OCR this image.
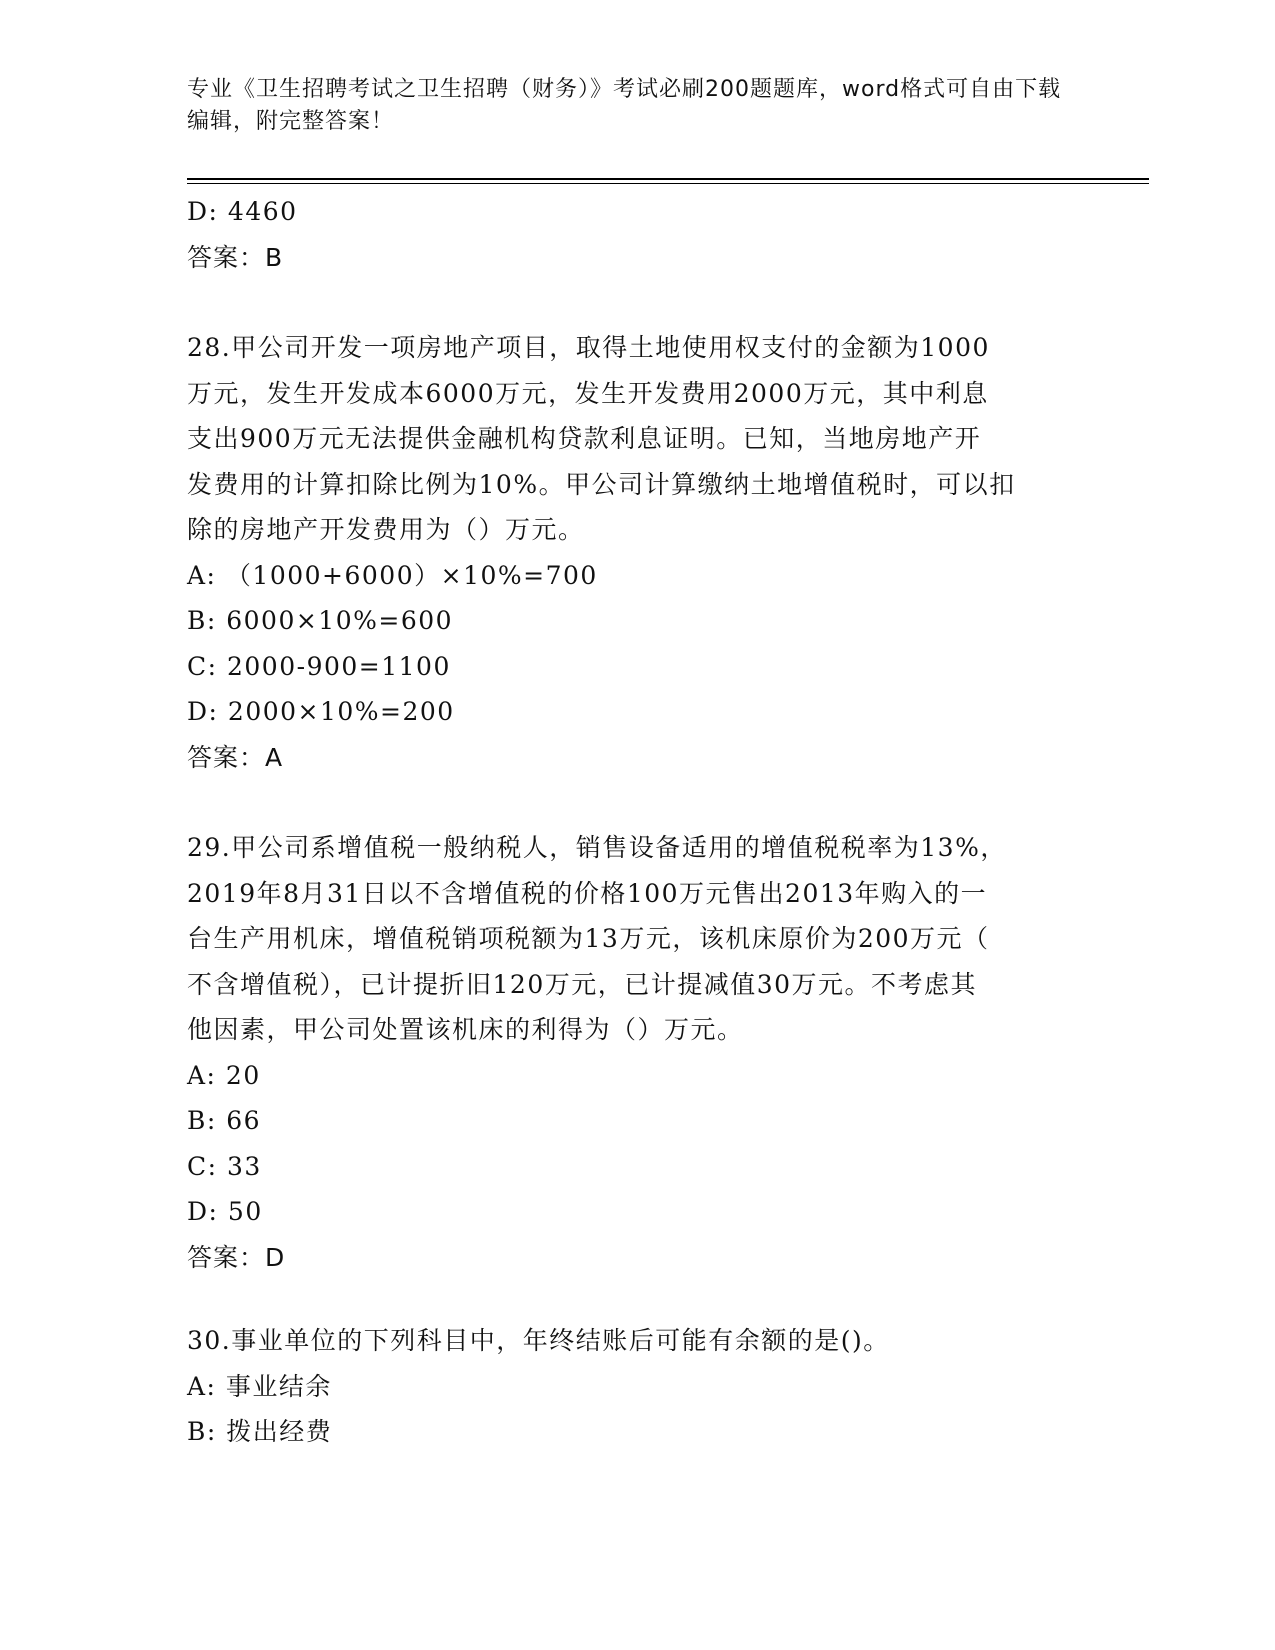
专业《卫生招聘考试之卫生招聘（财务）》考试必刷200题题库，word格式可自由下载编辑，附完整答案！
D: 4460
答案：B
28.甲公司开发一项房地产项目，取得土地使用权支付的金额为1000
万元，发生开发成本6000万元，发生开发费用2000万元，其中利息
支出900万元无法提供金融机构贷款利息证明。已知，当地房地产开
发费用的计算扣除比例为10%。甲公司计算缴纳土地增值税时，可以扣
除的房地产开发费用为（）万元。
A: （1000+6000）×10%=700
B: 6000×10%=600
C: 2000-900=1100
D: 2000×10%=200
答案：A
29.甲公司系增值税一般纳税人，销售设备适用的增值税税率为13%，
2019年8月31日以不含增值税的价格100万元售出2013年购入的一
台生产用机床，增值税销项税额为13万元，该机床原价为200万元（
不含增值税），已计提折旧120万元，已计提减值30万元。不考虑其
他因素，甲公司处置该机床的利得为（）万元。
A: 20
B: 66
C: 33
D: 50
答案：D
30.事业单位的下列科目中，年终结账后可能有余额的是()。
A: 事业结余
B: 拨出经费
